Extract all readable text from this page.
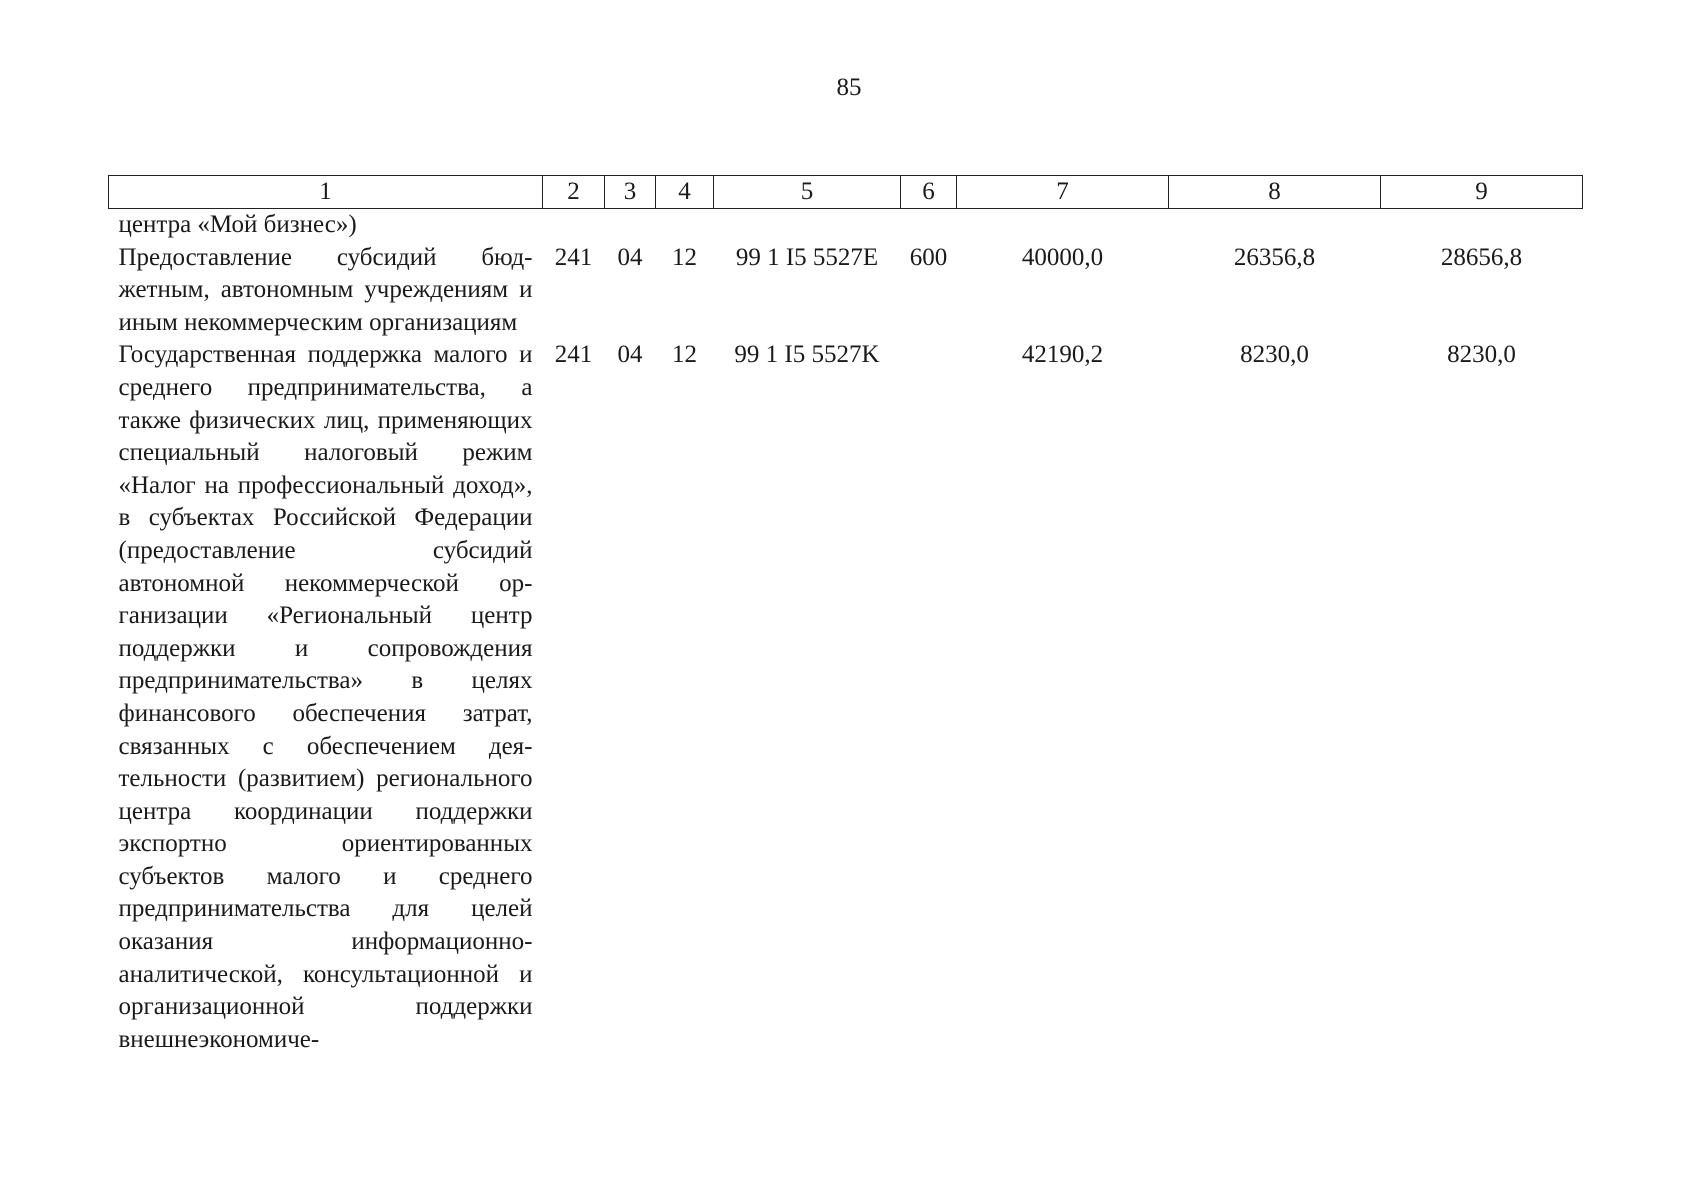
85
1	2	3	4	5	6	7	8	9
центра «Мой бизнес»)								
Предоставление субсидий бюджетным, автономным учреждениям и иным некоммерческим организациям	241	04	12	99 1 I5 5527E	600	40000,0	26356,8	28656,8
Государственная поддержка малого и среднего предпринимательства, а также физических лиц, применяющих специальный налоговый режим «Налог на профессиональный доход», в субъектах Российской Федерации (предоставление субсидий автономной некоммерческой организации «Региональный центр поддержки и сопровождения предпринимательства» в целях финансового обеспечения затрат, связанных с обеспечением деятельности (развитием) регионального центра координации поддержки экспортно ориентированных субъектов малого и среднего предпринимательства для целей оказания информационно-аналитической, консультационной и организационной поддержки внешнеэкономиче-	241	04	12	99 1 I5 5527K		42190,2	8230,0	8230,0
